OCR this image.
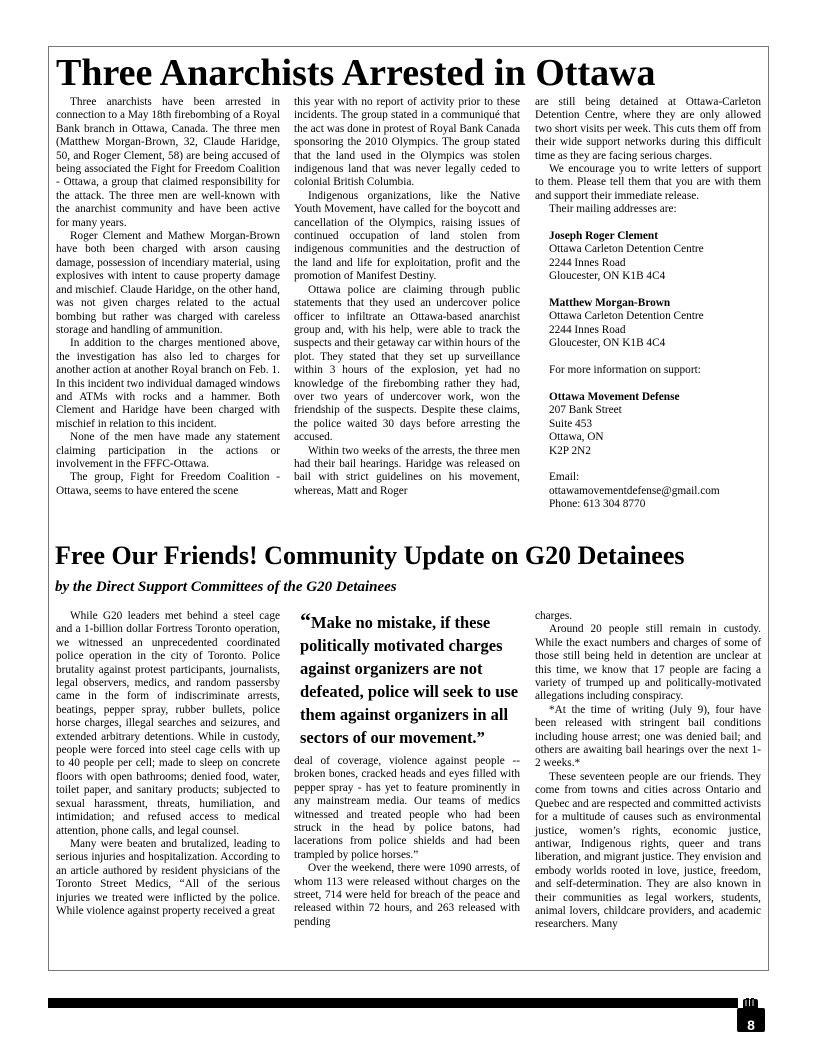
Three Anarchists Arrested in Ottawa

Three anarchists have been arrested in connection to a May 18th firebombing of a Royal Bank branch in Ottawa, Canada. The three men (Matthew Morgan-Brown, 32, Claude Haridge, 50, and Roger Clement, 58) are being accused of being associated the Fight for Freedom Coalition - Ottawa, a group that claimed responsibility for the attack. The three men are well-known with the anarchist community and have been active for many years.

Roger Clement and Mathew Morgan-Brown have both been charged with arson causing damage, possession of incendiary material, using explosives with intent to cause property damage and mischief. Claude Haridge, on the other hand, was not given charges related to the actual bombing but rather was charged with careless storage and handling of ammunition.

In addition to the charges mentioned above, the investigation has also led to charges for another action at another Royal branch on Feb. 1. In this incident two individual damaged windows and ATMs with rocks and a hammer. Both Clement and Haridge have been charged with mischief in relation to this incident.

None of the men have made any statement claiming participation in the actions or involvement in the FFFC-Ottawa.

The group, Fight for Freedom Coalition - Ottawa, seems to have entered the scene

this year with no report of activity prior to these incidents. The group stated in a communiqué that the act was done in protest of Royal Bank Canada sponsoring the 2010 Olympics. The group stated that the land used in the Olympics was stolen indigenous land that was never legally ceded to colonial British Columbia.

Indigenous organizations, like the Native Youth Movement, have called for the boycott and cancellation of the Olympics, raising issues of continued occupation of land stolen from indigenous communities and the destruction of the land and life for exploitation, profit and the promotion of Manifest Destiny.

Ottawa police are claiming through public statements that they used an undercover police officer to infiltrate an Ottawa-based anarchist group and, with his help, were able to track the suspects and their getaway car within hours of the plot. They stated that they set up surveillance within 3 hours of the explosion, yet had no knowledge of the firebombing rather they had, over two years of undercover work, won the friendship of the suspects. Despite these claims, the police waited 30 days before arresting the accused.

Within two weeks of the arrests, the three men had their bail hearings. Haridge was released on bail with strict guidelines on his movement, whereas, Matt and Roger

are still being detained at Ottawa-Carleton Detention Centre, where they are only allowed two short visits per week. This cuts them off from their wide support networks during this difficult time as they are facing serious charges.

We encourage you to write letters of support to them. Please tell them that you are with them and support their immediate release.

Their mailing addresses are:

Joseph Roger Clement
Ottawa Carleton Detention Centre
2244 Innes Road
Gloucester, ON K1B 4C4
Matthew Morgan-Brown
Ottawa Carleton Detention Centre
2244 Innes Road
Gloucester, ON K1B 4C4
For more information on support:
Ottawa Movement Defense
207 Bank Street
Suite 453
Ottawa, ON
K2P 2N2
Email:
ottawamovementdefense@gmail.com
Phone: 613 304 8770
Free Our Friends! Community Update on G20 Detainees

by the Direct Support Committees of the G20 Detainees

While G20 leaders met behind a steel cage and a 1-billion dollar Fortress Toronto operation, we witnessed an unprecedented coordinated police operation in the city of Toronto. Police brutality against protest participants, journalists, legal observers, medics, and random passersby came in the form of indiscriminate arrests, beatings, pepper spray, rubber bullets, police horse charges, illegal searches and seizures, and extended arbitrary detentions. While in custody, people were forced into steel cage cells with up to 40 people per cell; made to sleep on concrete floors with open bathrooms; denied food, water, toilet paper, and sanitary products; subjected to sexual harassment, threats, humiliation, and intimidation; and refused access to medical attention, phone calls, and legal counsel.

Many were beaten and brutalized, leading to serious injuries and hospitalization. According to an article authored by resident physicians of the Toronto Street Medics, “All of the serious injuries we treated were inflicted by the police. While violence against property received a great

“Make no mistake, if these politically motivated charges against organizers are not defeated, police will seek to use them against organizers in all sectors of our movement.”

deal of coverage, violence against people -- broken bones, cracked heads and eyes filled with pepper spray - has yet to feature prominently in any mainstream media. Our teams of medics witnessed and treated people who had been struck in the head by police batons, had lacerations from police shields and had been trampled by police horses.”

Over the weekend, there were 1090 arrests, of whom 113 were released without charges on the street, 714 were held for breach of the peace and released within 72 hours, and 263 released with pending

charges.

Around 20 people still remain in custody. While the exact numbers and charges of some of those still being held in detention are unclear at this time, we know that 17 people are facing a variety of trumped up and politically-motivated allegations including conspiracy.

*At the time of writing (July 9), four have been released with stringent bail conditions including house arrest; one was denied bail; and others are awaiting bail hearings over the next 1-2 weeks.*

These seventeen people are our friends. They come from towns and cities across Ontario and Quebec and are respected and committed activists for a multitude of causes such as environmental justice, women’s rights, economic justice, antiwar, Indigenous rights, queer and trans liberation, and migrant justice. They envision and embody worlds rooted in love, justice, freedom, and self-determination. They are also known in their communities as legal workers, students, animal lovers, childcare providers, and academic researchers. Many

8
